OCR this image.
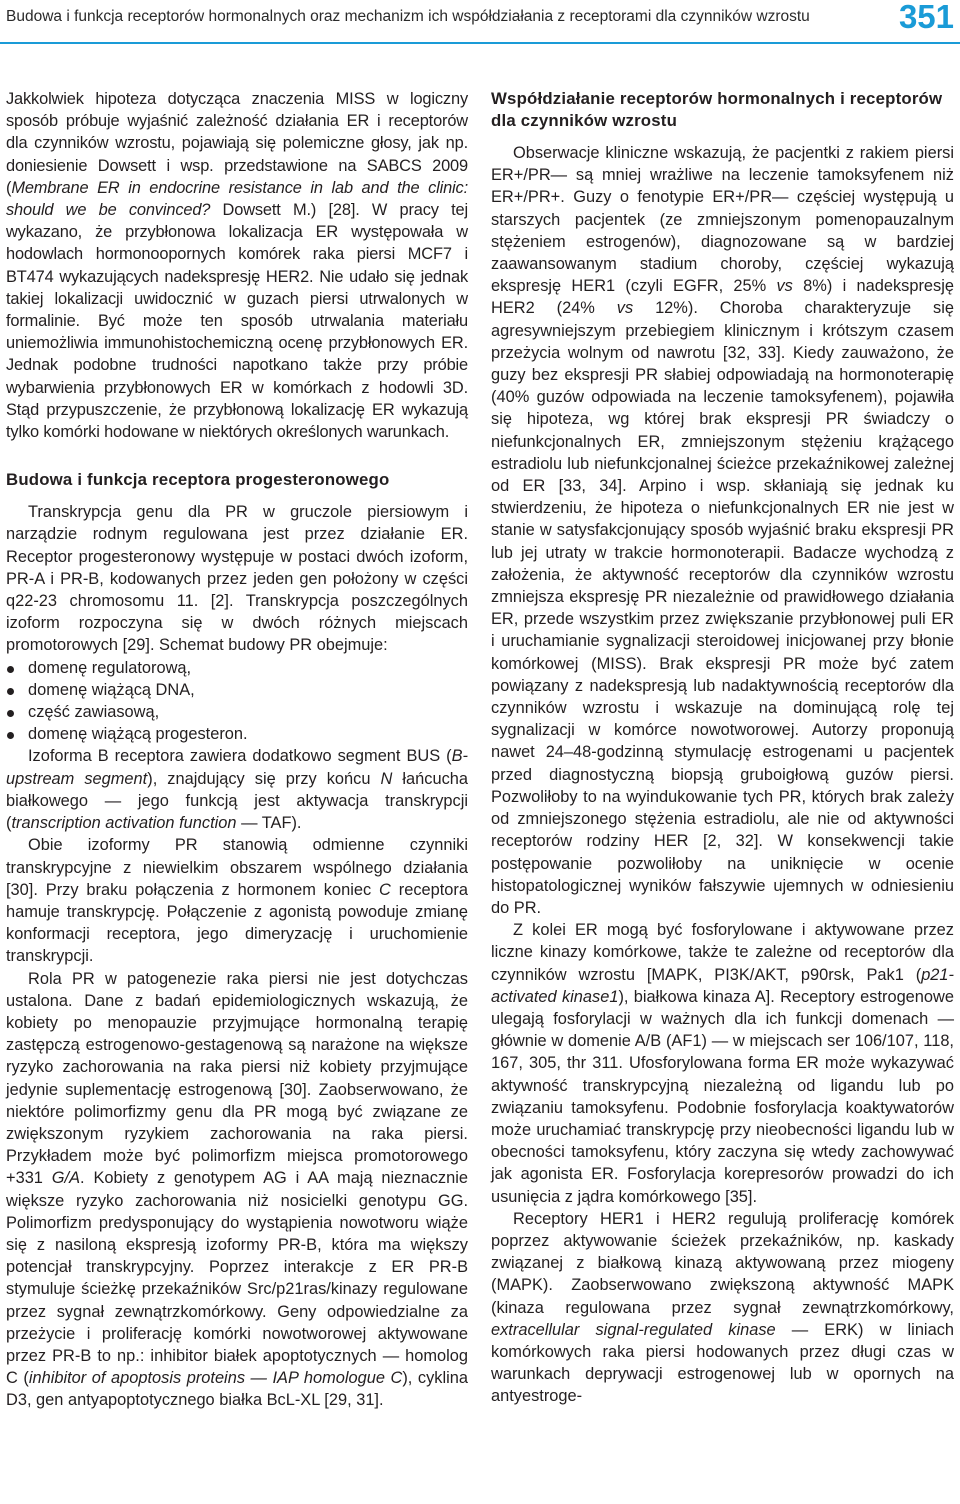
Budowa i funkcja receptorów hormonalnych oraz mechanizm ich współdziałania z receptorami dla czynników wzrostu	351

Jakkolwiek hipoteza dotycząca znaczenia MISS w logiczny sposób próbuje wyjaśnić zależność działania ER i receptorów dla czynników wzrostu, pojawiają się polemiczne głosy, jak np. doniesienie Dowsett i wsp. przedstawione na SABCS 2009 (Membrane ER in endocrine resistance in lab and the clinic: should we be convinced? Dowsett M.) [28]. W pracy tej wykazano, że przybłonowa lokalizacja ER występowała w hodowlach hormonoopornych komórek raka piersi MCF7 i BT474 wykazujących nadekspresję HER2. Nie udało się jednak takiej lokalizacji uwidocznić w guzach piersi utrwalonych w formalinie. Być może ten sposób utrwalania materiału uniemożliwia immunohistochemiczną ocenę przybłonowych ER. Jednak podobne trudności napotkano także przy próbie wybarwienia przybłonowych ER w komórkach z hodowli 3D. Stąd przypuszczenie, że przybłonową lokalizację ER wykazują tylko komórki hodowane w niektórych określonych warunkach.

Budowa i funkcja receptora progesteronowego

Transkrypcja genu dla PR w gruczole piersiowym i narządzie rodnym regulowana jest przez działanie ER. Receptor progesteronowy występuje w postaci dwóch izoform, PR-A i PR-B, kodowanych przez jeden gen położony w części q22-23 chromosomu 11. [2]. Transkrypcja poszczególnych izoform rozpoczyna się w dwóch różnych miejscach promotorowych [29]. Schemat budowy PR obejmuje:

domenę regulatorową,
domenę wiążącą DNA,
część zawiasową,
domenę wiążącą progesteron.

Izoforma B receptora zawiera dodatkowo segment BUS (B-upstream segment), znajdujący się przy końcu N łańcucha białkowego — jego funkcją jest aktywacja transkrypcji (transcription activation function — TAF).

Obie izoformy PR stanowią odmienne czynniki transkrypcyjne z niewielkim obszarem wspólnego działania [30]. Przy braku połączenia z hormonem koniec C receptora hamuje transkrypcję. Połączenie z agonistą powoduje zmianę konformacji receptora, jego dimeryzację i uruchomienie transkrypcji.

Rola PR w patogenezie raka piersi nie jest dotychczas ustalona. Dane z badań epidemiologicznych wskazują, że kobiety po menopauzie przyjmujące hormonalną terapię zastępczą estrogenowo-gestagenową są narażone na większe ryzyko zachorowania na raka piersi niż kobiety przyjmujące jedynie suplementację estrogenową [30]. Zaobserwowano, że niektóre polimorfizmy genu dla PR mogą być związane ze zwiększonym ryzykiem zachorowania na raka piersi. Przykładem może być polimorfizm miejsca promotorowego +331 G/A. Kobiety z genotypem AG i AA mają nieznacznie większe ryzyko zachorowania niż nosicielki genotypu GG. Polimorfizm predysponujący do wystąpienia nowotworu wiąże się z nasiloną ekspresją izoformy PR-B, która ma większy potencjał transkrypcyjny. Poprzez interakcje z ER PR-B stymuluje ścieżkę przekaźników Src/p21ras/kinazy regulowane przez sygnał zewnątrzkomórkowy. Geny odpowiedzialne za przeżycie i proliferację komórki nowotworowej aktywowane przez PR-B to np.: inhibitor białek apoptotycznych — homolog C (inhibitor of apoptosis proteins — IAP homologue C), cyklina D3, gen antyapoptotycznego białka BcL-XL [29, 31].

Współdziałanie receptorów hormonalnych i receptorów dla czynników wzrostu

Obserwacje kliniczne wskazują, że pacjentki z rakiem piersi ER+/PR— są mniej wrażliwe na leczenie tamoksyfenem niż ER+/PR+. Guzy o fenotypie ER+/PR— częściej występują u starszych pacjentek (ze zmniejszonym pomenopauzalnym stężeniem estrogenów), diagnozowane są w bardziej zaawansowanym stadium choroby, częściej wykazują ekspresję HER1 (czyli EGFR, 25% vs 8%) i nadekspresję HER2 (24% vs 12%). Choroba charakteryzuje się agresywniejszym przebiegiem klinicznym i krótszym czasem przeżycia wolnym od nawrotu [32, 33]. Kiedy zauważono, że guzy bez ekspresji PR słabiej odpowiadają na hormonoterapię (40% guzów odpowiada na leczenie tamoksyfenem), pojawiła się hipoteza, wg której brak ekspresji PR świadczy o niefunkcjonalnych ER, zmniejszonym stężeniu krążącego estradiolu lub niefunkcjonalnej ścieżce przekaźnikowej zależnej od ER [33, 34]. Arpino i wsp. skłaniają się jednak ku stwierdzeniu, że hipoteza o niefunkcjonalnych ER nie jest w stanie w satysfakcjonujący sposób wyjaśnić braku ekspresji PR lub jej utraty w trakcie hormonoterapii. Badacze wychodzą z założenia, że aktywność receptorów dla czynników wzrostu zmniejsza ekspresję PR niezależnie od prawidłowego działania ER, przede wszystkim przez zwiększanie przybłonowej puli ER i uruchamianie sygnalizacji steroidowej inicjowanej przy błonie komórkowej (MISS). Brak ekspresji PR może być zatem powiązany z nadekspresją lub nadaktywnością receptorów dla czynników wzrostu i wskazuje na dominującą rolę tej sygnalizacji w komórce nowotworowej. Autorzy proponują nawet 24–48-godzinną stymulację estrogenami u pacjentek przed diagnostyczną biopsją gruboigłową guzów piersi. Pozwoliłoby to na wyindukowanie tych PR, których brak zależy od zmniejszonego stężenia estradiolu, ale nie od aktywności receptorów rodziny HER [2, 32]. W konsekwencji takie postępowanie pozwoliłoby na uniknięcie w ocenie histopatologicznej wyników fałszywie ujemnych w odniesieniu do PR.

Z kolei ER mogą być fosforylowane i aktywowane przez liczne kinazy komórkowe, także te zależne od receptorów dla czynników wzrostu [MAPK, PI3K/AKT, p90rsk, Pak1 (p21-activated kinase1), białkowa kinaza A]. Receptory estrogenowe ulegają fosforylacji w ważnych dla ich funkcji domenach — głównie w domenie A/B (AF1) — w miejscach ser 106/107, 118, 167, 305, thr 311. Ufosforylowana forma ER może wykazywać aktywność transkrypcyjną niezależną od ligandu lub po związaniu tamoksyfenu. Podobnie fosforylacja koaktywatorów może uruchamiać transkrypcję przy nieobecności ligandu lub w obecności tamoksyfenu, który zaczyna się wtedy zachowywać jak agonista ER. Fosforylacja korepresorów prowadzi do ich usunięcia z jądra komórkowego [35].

Receptory HER1 i HER2 regulują proliferację komórek poprzez aktywowanie ścieżek przekaźników, np. kaskady związanej z białkową kinazą aktywowaną przez miogeny (MAPK). Zaobserwowano zwiększoną aktywność MAPK (kinaza regulowana przez sygnał zewnątrzkomórkowy, extracellular signal-regulated kinase — ERK) w liniach komórkowych raka piersi hodowanych przez długi czas w warunkach deprywacji estrogenowej lub w opornych na antyestroge-
